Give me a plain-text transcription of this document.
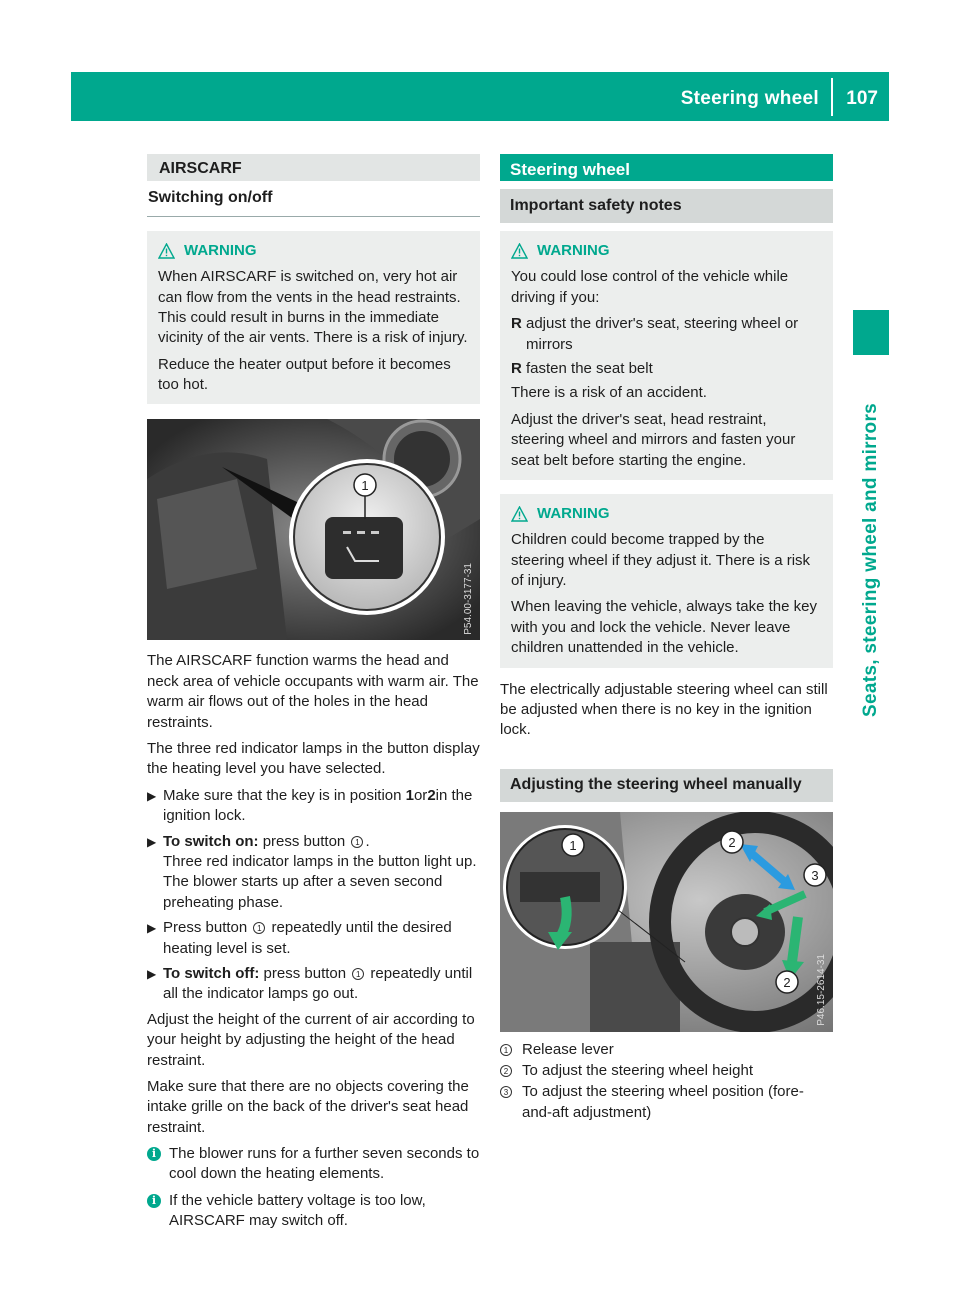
Steering wheel 107
Seats, steering wheel and mirrors
AIRSCARF
Switching on/off
WARNING

When AIRSCARF is switched on, very hot air can flow from the vents in the head restraints. This could result in burns in the immediate vicinity of the air vents. There is a risk of injury.

Reduce the heater output before it becomes too hot.

1
P54.00-3177-31

The AIRSCARF function warms the head and neck area of vehicle occupants with warm air. The warm air flows out of the holes in the head restraints.

The three red indicator lamps in the button display the heating level you have selected.

▶ Make sure that the key is in position 1or2in the ignition lock.
▶ To switch on: press button 1 .
Three red indicator lamps in the button light up. The blower starts up after a seven second preheating phase.
▶ Press button 1 repeatedly until the desired heating level is set.
▶ To switch off: press button 1 repeatedly until all the indicator lamps go out.

Adjust the height of the current of air according to your height by adjusting the height of the head restraint.

Make sure that there are no objects covering the intake grille on the back of the driver's seat head restraint.

i The blower runs for a further seven seconds to cool down the heating elements.
i If the vehicle battery voltage is too low, AIRSCARF may switch off.
Steering wheel
Important safety notes
WARNING

You could lose control of the vehicle while driving if you:

R adjust the driver's seat, steering wheel or mirrors
R fasten the seat belt

There is a risk of an accident.

Adjust the driver's seat, head restraint, steering wheel and mirrors and fasten your seat belt before starting the engine.

WARNING

Children could become trapped by the steering wheel if they adjust it. There is a risk of injury.

When leaving the vehicle, always take the key with you and lock the vehicle. Never leave children unattended in the vehicle.

The electrically adjustable steering wheel can still be adjusted when there is no key in the ignition lock.

Adjusting the steering wheel manually
1	2
3
2	P46.15-2614-31
1 Release lever
2 To adjust the steering wheel height
3 To adjust the steering wheel position (fore-and-aft adjustment)
